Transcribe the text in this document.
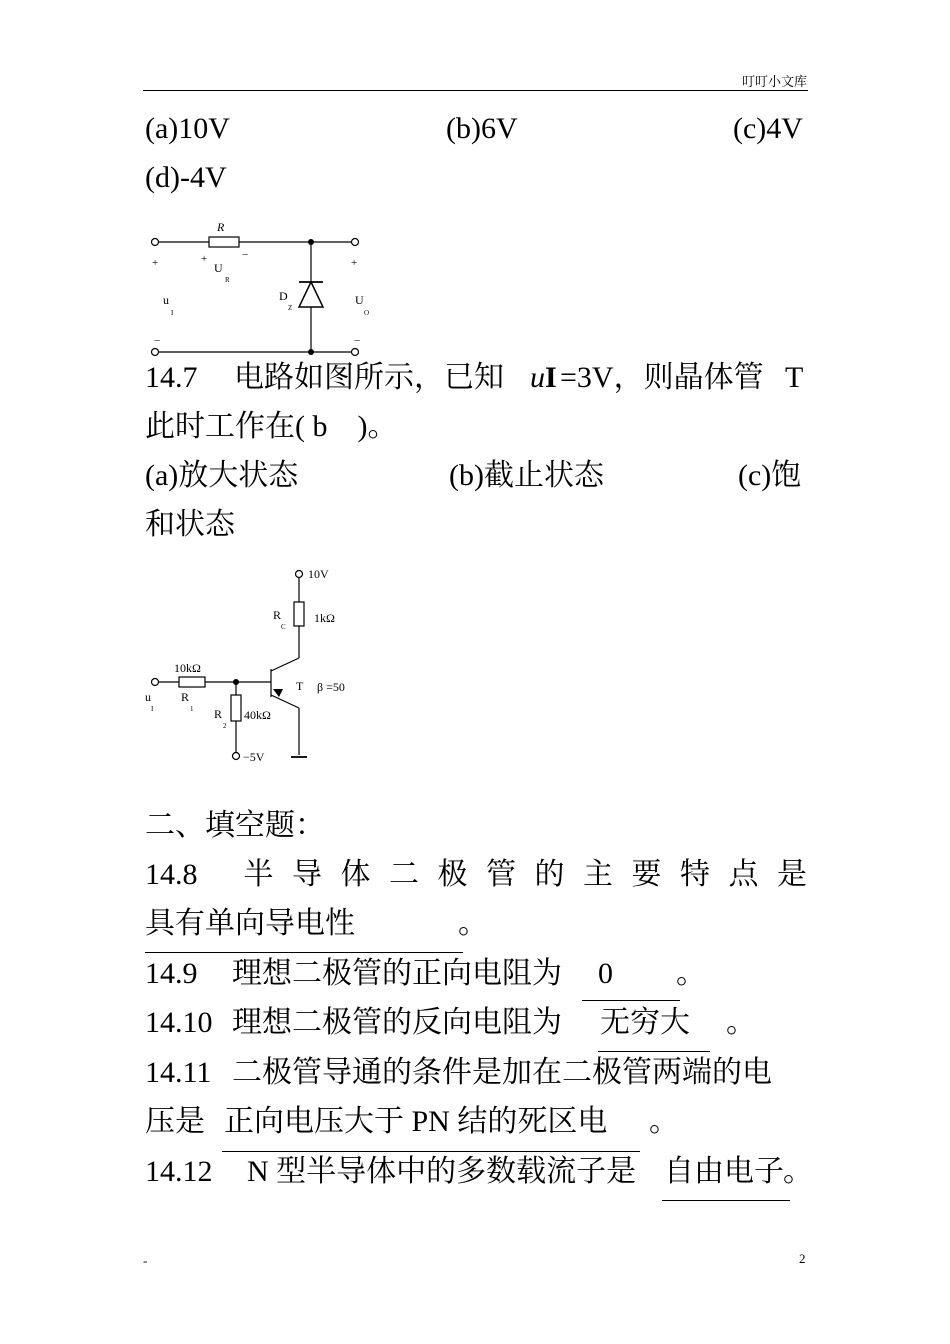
叮叮小文库
(a)10V	(b)6V	(c)4V
(d)-4V
R
+	−
U
R
+
u
I
−
D
Z
+
U
O
−
14.7 电路如图所示，已知 uI =3V，则晶体管 T
此时工作在( b　)。
(a)放大状态	(b)截止状态	(c)饱
和状态
10V
R
C
1kΩ
10kΩ
u
I
R
1
T β =50
R
2
40kΩ
−5V
二、填空题：
14.8 半导体二极管的主要特点是
具有单向导电性	。
14.9 理想二极管的正向电阻为 0 。
14.10 理想二极管的反向电阻为 无穷大 。
14.11 二极管导通的条件是加在二极管两端的电
压是 正向电压大于 PN 结的死区电 。
14.12 N 型半导体中的多数载流子是 自由电子 。
-	2
